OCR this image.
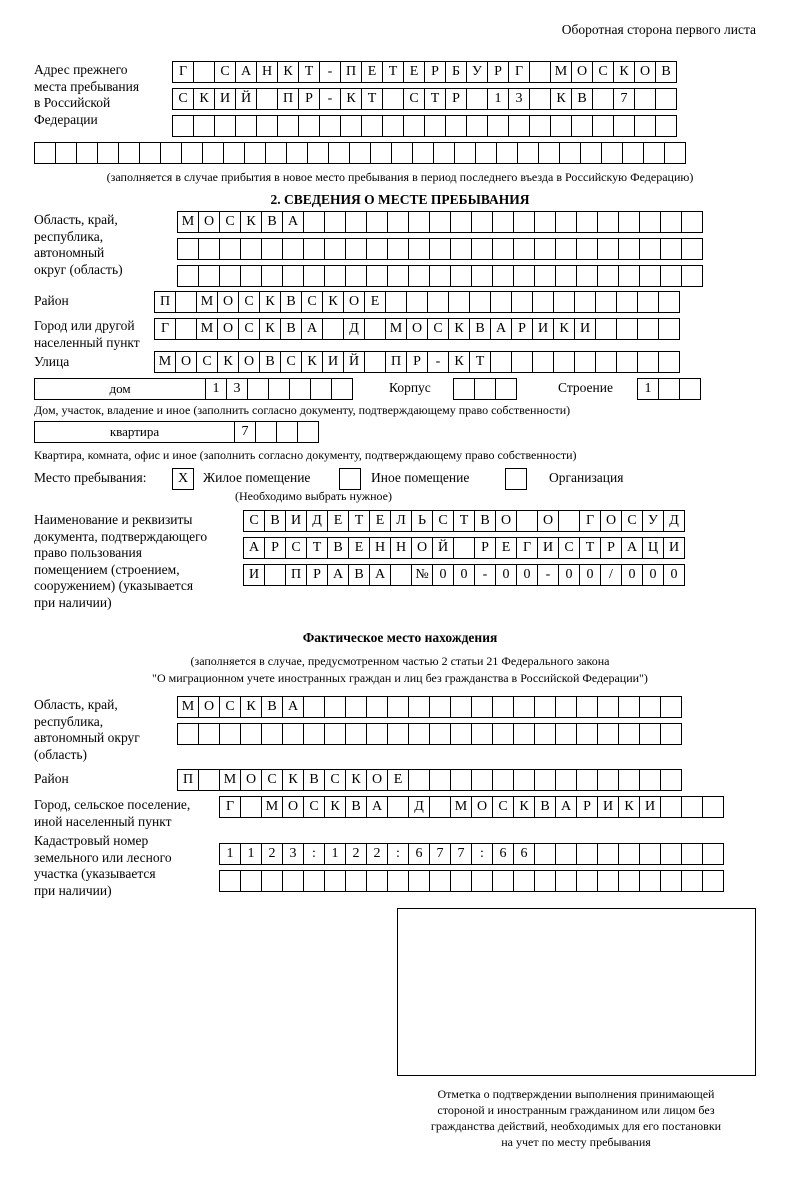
Оборотная сторона первого листа
Адрес прежнего
места пребывания
в Российской
Федерации
Г	С А Н К Т	- П Е Т Е Р Б У Р Г	М О С К О В
С К И Й	П Р	-	К Т	С Т Р	1	3	К В	7
(заполняется в случае прибытия в новое место пребывания в период последнего въезда в Российскую Федерацию)
2. СВЕДЕНИЯ О МЕСТЕ ПРЕБЫВАНИЯ
Область, край,
республика,
автономный
округ (область)
М О С К В А
Район	П	М О С К В С К О Е
Город или другой
населенный пункт
Г	М О С К В А	Д	М О С К В А Р И К И
Улица	М О С К О В С К И Й	П Р	-	К Т
дом	1	3	Корпус	Строение	1
Дом, участок, владение и иное (заполнить согласно документу, подтверждающему право собственности)
квартира	7
Квартира, комната, офис и иное (заполнить согласно документу, подтверждающему право собственности)
Место пребывания:	X	Жилое помещение	Иное помещение	Организация
(Необходимо выбрать нужное)
Наименование и реквизиты
документа, подтверждающего
право пользования
помещением (строением,
сооружением) (указывается
при наличии)
С В И Д Е Т Е Л Ь С Т В О	О	Г О С У Д
А Р С Т В Е Н Н О Й	Р Е Г И С Т Р А Ц И
И	П Р А В А	№ 0	0	-	0	0	-	0	0	/	0	0	0
Фактическое место нахождения
(заполняется в случае, предусмотренном частью 2 статьи 21 Федерального закона
"О миграционном учете иностранных граждан и лиц без гражданства в Российской Федерации")
Область, край,
республика,
автономный округ
(область)
М О С К В А
Район	П	М О С К В С К О Е
Город, сельское поселение,
иной населенный пункт
Г	М О С К В А	Д	М О С К В А Р И К И
Кадастровый номер
земельного или лесного
участка (указывается
при наличии)
1	1	2	3	:	1	2	2	:	6	7	7	:	6	6
Отметка о подтверждении выполнения принимающей
стороной и иностранным гражданином или лицом без
гражданства действий, необходимых для его постановки
на учет по месту пребывания
